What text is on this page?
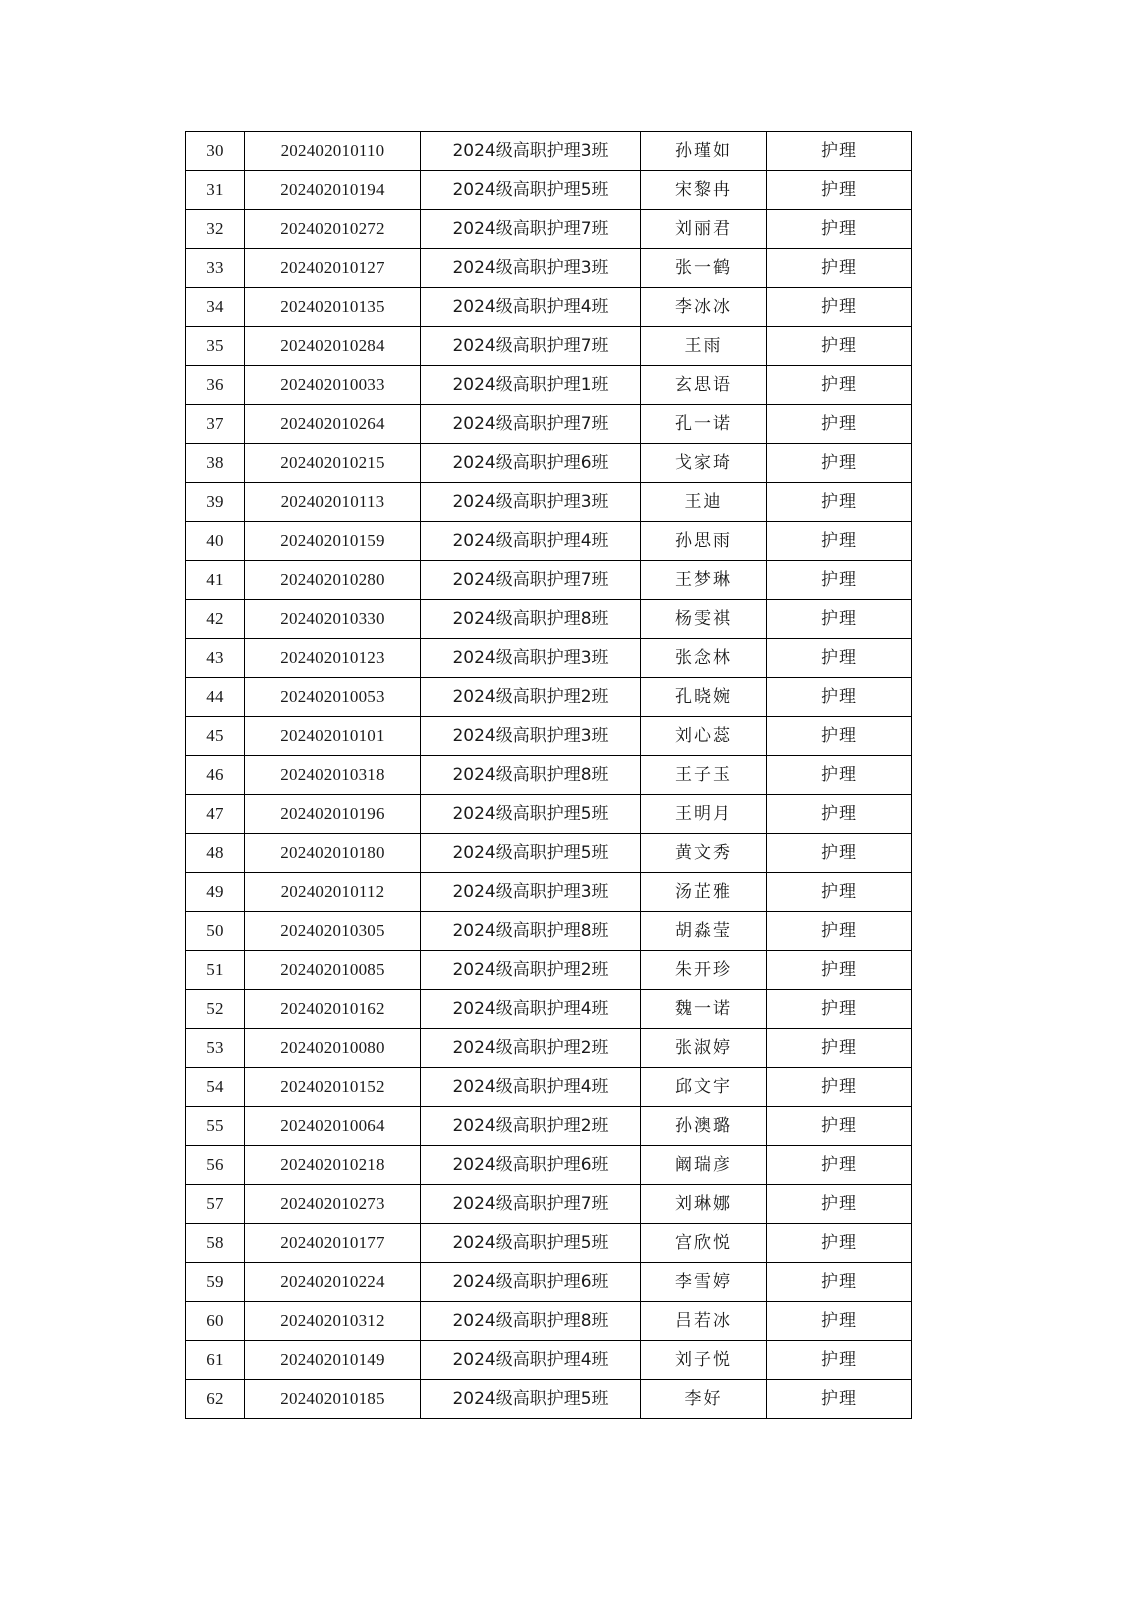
30	202402010110	2024级高职护理3班	孙瑾如	护理
31	202402010194	2024级高职护理5班	宋黎冉	护理
32	202402010272	2024级高职护理7班	刘丽君	护理
33	202402010127	2024级高职护理3班	张一鹤	护理
34	202402010135	2024级高职护理4班	李冰冰	护理
35	202402010284	2024级高职护理7班	王雨	护理
36	202402010033	2024级高职护理1班	玄思语	护理
37	202402010264	2024级高职护理7班	孔一诺	护理
38	202402010215	2024级高职护理6班	戈家琦	护理
39	202402010113	2024级高职护理3班	王迪	护理
40	202402010159	2024级高职护理4班	孙思雨	护理
41	202402010280	2024级高职护理7班	王梦琳	护理
42	202402010330	2024级高职护理8班	杨雯祺	护理
43	202402010123	2024级高职护理3班	张念林	护理
44	202402010053	2024级高职护理2班	孔晓婉	护理
45	202402010101	2024级高职护理3班	刘心蕊	护理
46	202402010318	2024级高职护理8班	王子玉	护理
47	202402010196	2024级高职护理5班	王明月	护理
48	202402010180	2024级高职护理5班	黄文秀	护理
49	202402010112	2024级高职护理3班	汤芷雅	护理
50	202402010305	2024级高职护理8班	胡淼莹	护理
51	202402010085	2024级高职护理2班	朱开珍	护理
52	202402010162	2024级高职护理4班	魏一诺	护理
53	202402010080	2024级高职护理2班	张淑婷	护理
54	202402010152	2024级高职护理4班	邱文宇	护理
55	202402010064	2024级高职护理2班	孙澳璐	护理
56	202402010218	2024级高职护理6班	阚瑞彦	护理
57	202402010273	2024级高职护理7班	刘琳娜	护理
58	202402010177	2024级高职护理5班	宫欣悦	护理
59	202402010224	2024级高职护理6班	李雪婷	护理
60	202402010312	2024级高职护理8班	吕若冰	护理
61	202402010149	2024级高职护理4班	刘子悦	护理
62	202402010185	2024级高职护理5班	李好	护理
